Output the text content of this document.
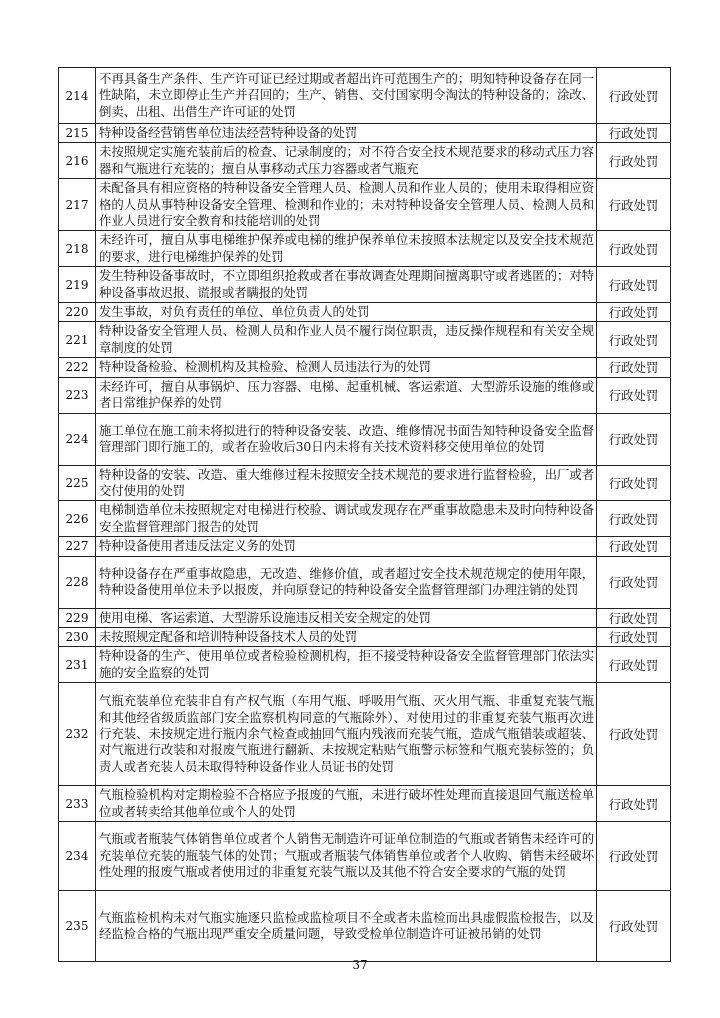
214	不再具备生产条件、生产许可证已经过期或者超出许可范围生产的；明知特种设备存在同一性缺陷，未立即停止生产并召回的；生产、销售、交付国家明令淘汰的特种设备的；涂改、倒卖、出租、出借生产许可证的处罚	行政处罚
215	特种设备经营销售单位违法经营特种设备的处罚	行政处罚
216	未按照规定实施充装前后的检查、记录制度的；对不符合安全技术规范要求的移动式压力容器和气瓶进行充装的；擅自从事移动式压力容器或者气瓶充	行政处罚
217	未配备具有相应资格的特种设备安全管理人员、检测人员和作业人员的；使用未取得相应资格的人员从事特种设备安全管理、检测和作业的；未对特种设备安全管理人员、检测人员和作业人员进行安全教育和技能培训的处罚	行政处罚
218	未经许可，擅自从事电梯维护保养或电梯的维护保养单位未按照本法规定以及安全技术规范的要求，进行电梯维护保养的处罚	行政处罚
219	发生特种设备事故时，不立即组织抢救或者在事故调查处理期间擅离职守或者逃匿的；对特种设备事故迟报、谎报或者瞒报的处罚	行政处罚
220	发生事故，对负有责任的单位、单位负责人的处罚	行政处罚
221	特种设备安全管理人员、检测人员和作业人员不履行岗位职责，违反操作规程和有关安全规章制度的处罚	行政处罚
222	特种设备检验、检测机构及其检验、检测人员违法行为的处罚	行政处罚
223	未经许可，擅自从事锅炉、压力容器、电梯、起重机械、客运索道、大型游乐设施的维修或者日常维护保养的处罚	行政处罚
224	施工单位在施工前未将拟进行的特种设备安装、改造、维修情况书面告知特种设备安全监督管理部门即行施工的，或者在验收后30日内未将有关技术资料移交使用单位的处罚	行政处罚
225	特种设备的安装、改造、重大维修过程未按照安全技术规范的要求进行监督检验，出厂或者交付使用的处罚	行政处罚
226	电梯制造单位未按照规定对电梯进行校验、调试或发现存在严重事故隐患未及时向特种设备安全监督管理部门报告的处罚	行政处罚
227	特种设备使用者违反法定义务的处罚	行政处罚
228	特种设备存在严重事故隐患，无改造、维修价值，或者超过安全技术规范规定的使用年限，特种设备使用单位未予以报废，并向原登记的特种设备安全监督管理部门办理注销的处罚	行政处罚
229	使用电梯、客运索道、大型游乐设施违反相关安全规定的处罚	行政处罚
230	未按照规定配备和培训特种设备技术人员的处罚	行政处罚
231	特种设备的生产、使用单位或者检验检测机构，拒不接受特种设备安全监督管理部门依法实施的安全监察的处罚	行政处罚
232	气瓶充装单位充装非自有产权气瓶（车用气瓶、呼吸用气瓶、灭火用气瓶、非重复充装气瓶和其他经省级质监部门安全监察机构同意的气瓶除外）、对使用过的非重复充装气瓶再次进行充装、未按规定进行瓶内余气检查或抽回气瓶内残液而充装气瓶，造成气瓶错装或超装、对气瓶进行改装和对报废气瓶进行翻新、未按规定粘贴气瓶警示标签和气瓶充装标签的；负责人或者充装人员未取得特种设备作业人员证书的处罚	行政处罚
233	气瓶检验机构对定期检验不合格应予报废的气瓶，未进行破坏性处理而直接退回气瓶送检单位或者转卖给其他单位或个人的处罚	行政处罚
234	气瓶或者瓶装气体销售单位或者个人销售无制造许可证单位制造的气瓶或者销售未经许可的充装单位充装的瓶装气体的处罚；气瓶或者瓶装气体销售单位或者个人收购、销售未经破坏性处理的报废气瓶或者使用过的非重复充装气瓶以及其他不符合安全要求的气瓶的处罚	行政处罚
235	气瓶监检机构未对气瓶实施逐只监检或监检项目不全或者未监检而出具虚假监检报告，以及经监检合格的气瓶出现严重安全质量问题，导致受检单位制造许可证被吊销的处罚	行政处罚
37
